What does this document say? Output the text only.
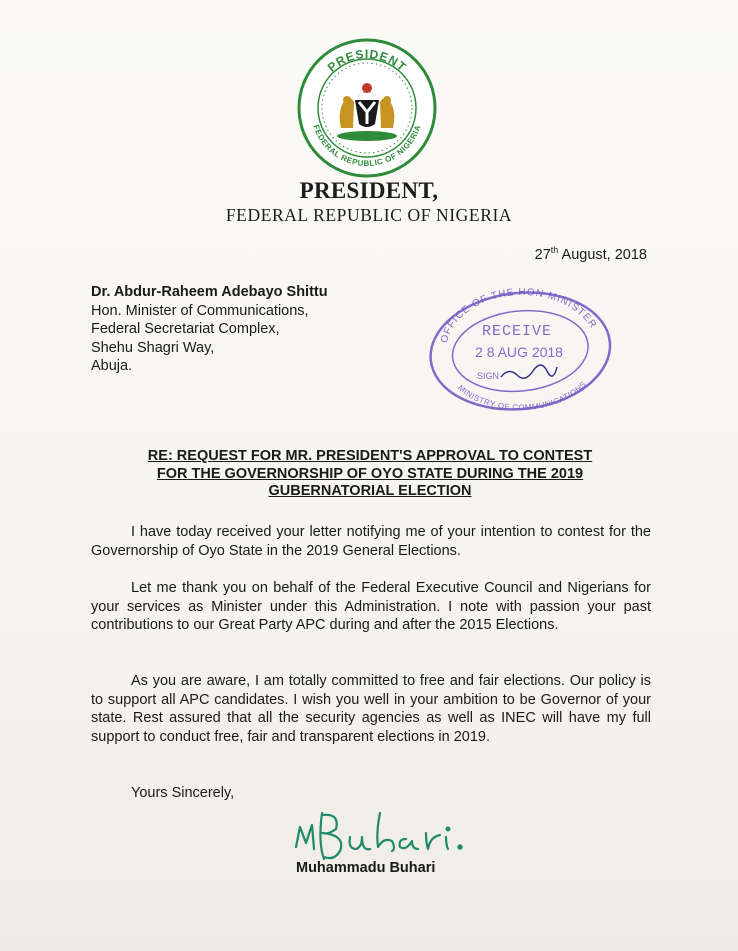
PRESIDENT
FEDERAL REPUBLIC OF NIGERIA
PRESIDENT,
FEDERAL REPUBLIC OF NIGERIA
27th August, 2018
Dr. Abdur-Raheem Adebayo Shittu
Hon. Minister of Communications,
Federal Secretariat Complex,
Shehu Shagri Way,
Abuja.
OFFICE OF THE HON MINISTER
MINISTRY OF COMMUNICATIONS
RECEIVE
2 8 AUG 2018
SIGN
RE: REQUEST FOR MR. PRESIDENT'S APPROVAL TO CONTEST
FOR THE GOVERNORSHIP OF OYO STATE DURING THE 2019
GUBERNATORIAL ELECTION
I have today received your letter notifying me of your intention to contest for the Governorship of Oyo State in the 2019 General Elections.
Let me thank you on behalf of the Federal Executive Council and Nigerians for your services as Minister under this Administration. I note with passion your past contributions to our Great Party APC during and after the 2015 Elections.
As you are aware, I am totally committed to free and fair elections. Our policy is to support all APC candidates. I wish you well in your ambition to be Governor of your state. Rest assured that all the security agencies as well as INEC will have my full support to conduct free, fair and transparent elections in 2019.
Yours Sincerely,
Muhammadu Buhari
